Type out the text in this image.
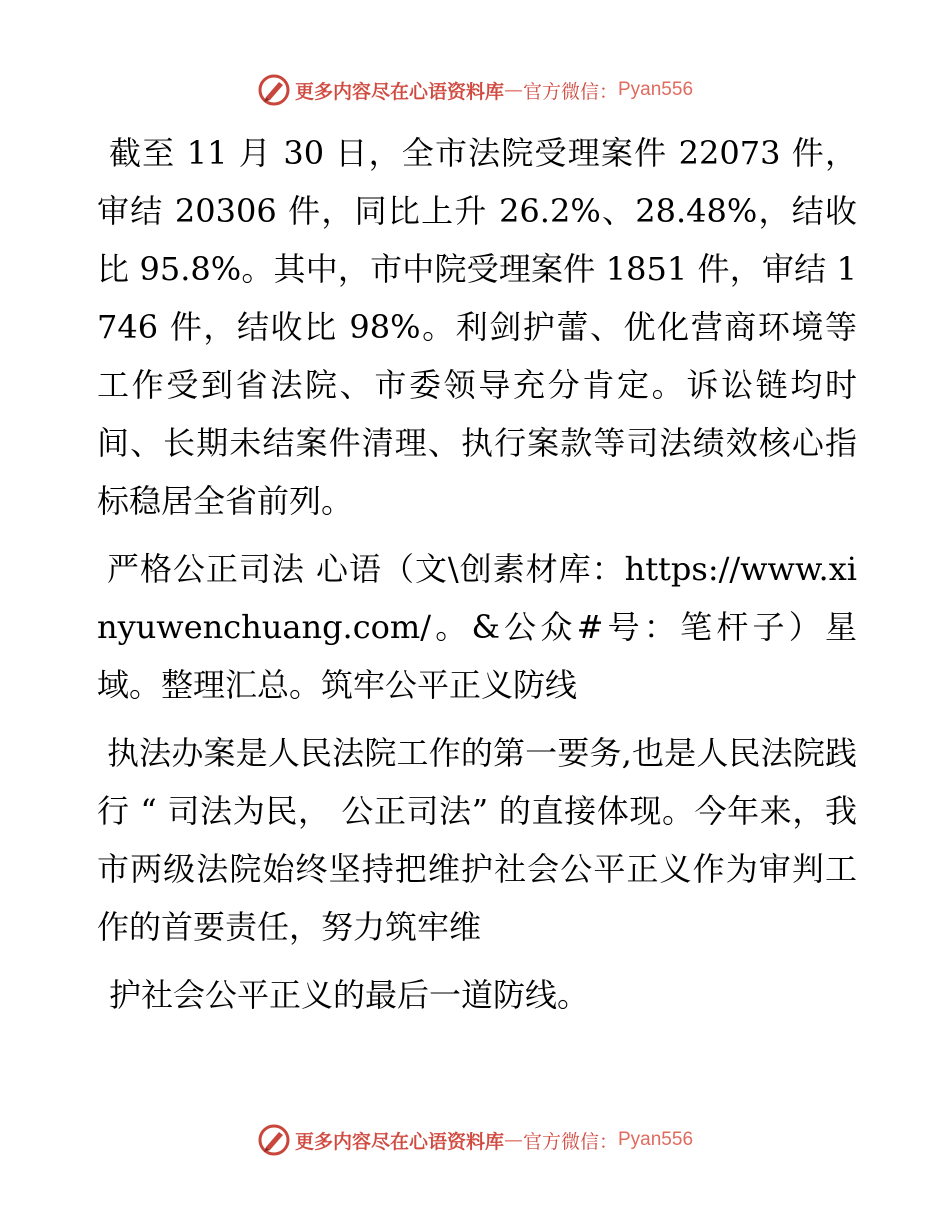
更多内容尽在心语资料库 — 官方微信： Pyan556

截至 11 月 30 日，全市法院受理案件 22073 件，审结 20306 件，同比上升 26.2%、28.48%，结收比 95.8%。其中，市中院受理案件 1851 件，审结 1746 件，结收比 98%。利剑护蕾、优化营商环境等工作受到省法院、市委领导充分肯定。诉讼链均时间、长期未结案件清理、执行案款等司法绩效核心指标稳居全省前列。

严格公正司法 心语（文\创素材库：https://www.xinyuwenchuang.com/。&公众#号：笔杆子）星域。整理汇总。筑牢公平正义防线

执法办案是人民法院工作的第一要务,也是人民法院践行 “ 司法为民， 公正司法” 的直接体现。今年来，我市两级法院始终坚持把维护社会公平正义作为审判工作的首要责任，努力筑牢维

护社会公平正义的最后一道防线。

更多内容尽在心语资料库 — 官方微信： Pyan556
